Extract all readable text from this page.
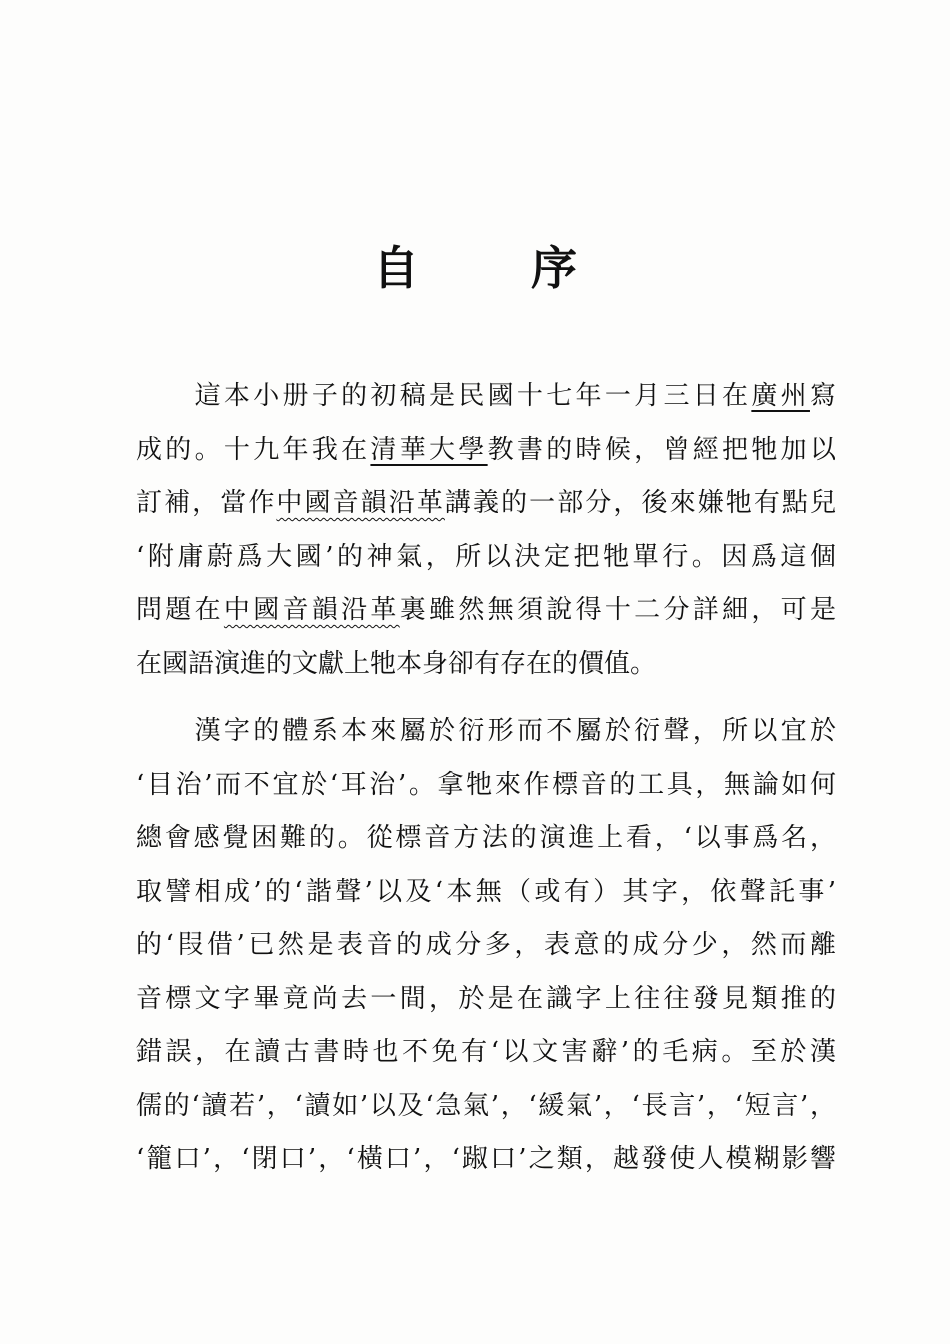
自 序
　　這本小册子的初稿是民國十七年一月三日在廣州寫
成的。十九年我在清華大學教書的時候，曾經把牠加以
訂補，當作中國音韻沿革講義的一部分，後來嫌牠有點兒
‘附庸蔚爲大國’的神氣，所以決定把牠單行。因爲這個
問題在中國音韻沿革裏雖然無須說得十二分詳細，可是
在國語演進的文獻上牠本身卻有存在的價值。
　　漢字的體系本來屬於衍形而不屬於衍聲，所以宜於
‘目治’而不宜於‘耳治’。拿牠來作標音的工具，無論如何
總會感覺困難的。從標音方法的演進上看，‘以事爲名，
取譬相成’的‘諧聲’以及‘本無（或有）其字，依聲託事’
的‘叚借’已然是表音的成分多，表意的成分少，然而離
音標文字畢竟尚去一間，於是在識字上往往發見類推的
錯誤，在讀古書時也不免有‘以文害辭’的毛病。至於漢
儒的‘讀若’，‘讀如’以及‘急氣’，‘緩氣’，‘長言’，‘短言’，
‘籠口’，‘閉口’，‘橫口’，‘踧口’之類，越發使人模糊影響
